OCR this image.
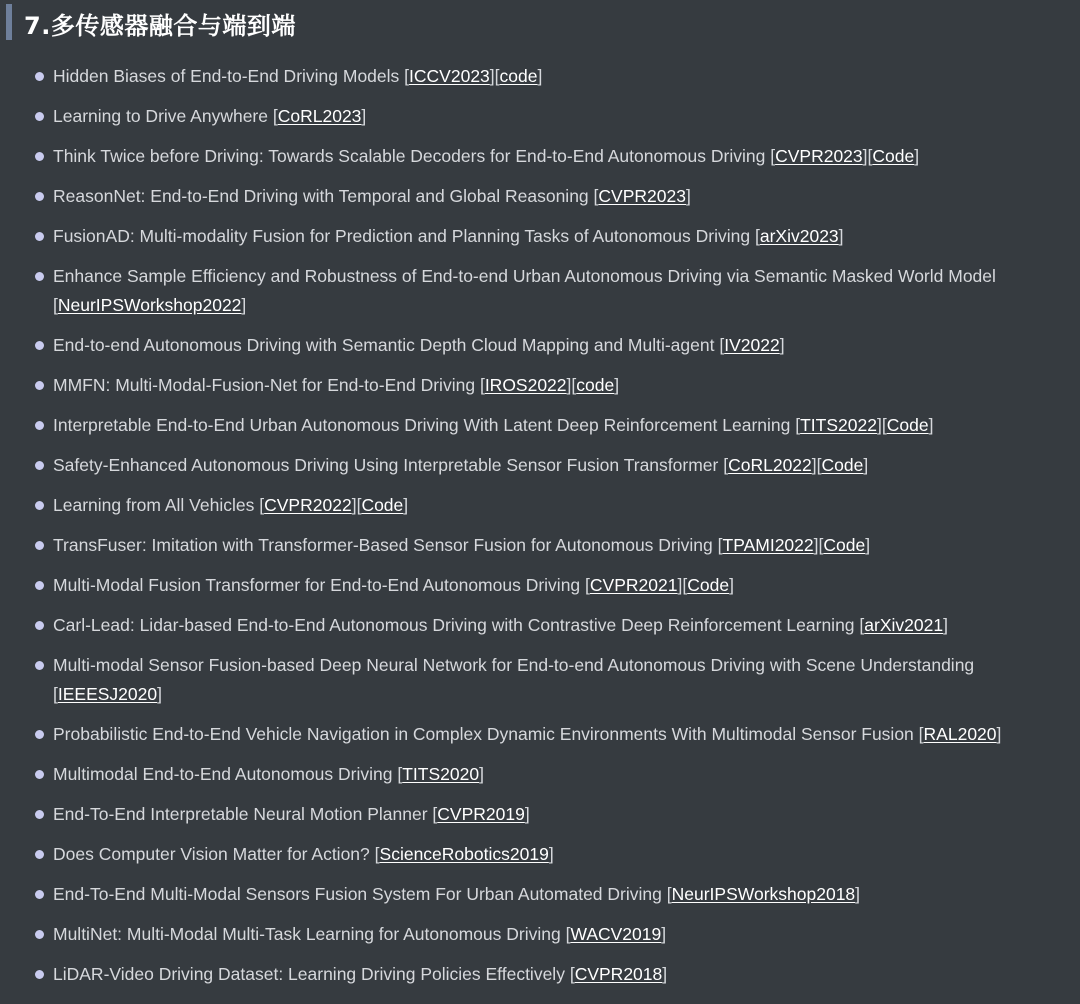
7.多传感器融合与端到端
Hidden Biases of End-to-End Driving Models [ICCV2023][code]
Learning to Drive Anywhere [CoRL2023]
Think Twice before Driving: Towards Scalable Decoders for End-to-End Autonomous Driving [CVPR2023][Code]
ReasonNet: End-to-End Driving with Temporal and Global Reasoning [CVPR2023]
FusionAD: Multi-modality Fusion for Prediction and Planning Tasks of Autonomous Driving [arXiv2023]
Enhance Sample Efficiency and Robustness of End-to-end Urban Autonomous Driving via Semantic Masked World Model [NeurIPSWorkshop2022]
End-to-end Autonomous Driving with Semantic Depth Cloud Mapping and Multi-agent [IV2022]
MMFN: Multi-Modal-Fusion-Net for End-to-End Driving [IROS2022][code]
Interpretable End-to-End Urban Autonomous Driving With Latent Deep Reinforcement Learning [TITS2022][Code]
Safety-Enhanced Autonomous Driving Using Interpretable Sensor Fusion Transformer [CoRL2022][Code]
Learning from All Vehicles [CVPR2022][Code]
TransFuser: Imitation with Transformer-Based Sensor Fusion for Autonomous Driving [TPAMI2022][Code]
Multi-Modal Fusion Transformer for End-to-End Autonomous Driving [CVPR2021][Code]
Carl-Lead: Lidar-based End-to-End Autonomous Driving with Contrastive Deep Reinforcement Learning [arXiv2021]
Multi-modal Sensor Fusion-based Deep Neural Network for End-to-end Autonomous Driving with Scene Understanding [IEEESJ2020]
Probabilistic End-to-End Vehicle Navigation in Complex Dynamic Environments With Multimodal Sensor Fusion [RAL2020]
Multimodal End-to-End Autonomous Driving [TITS2020]
End-To-End Interpretable Neural Motion Planner [CVPR2019]
Does Computer Vision Matter for Action? [ScienceRobotics2019]
End-To-End Multi-Modal Sensors Fusion System For Urban Automated Driving [NeurIPSWorkshop2018]
MultiNet: Multi-Modal Multi-Task Learning for Autonomous Driving [WACV2019]
LiDAR-Video Driving Dataset: Learning Driving Policies Effectively [CVPR2018]
